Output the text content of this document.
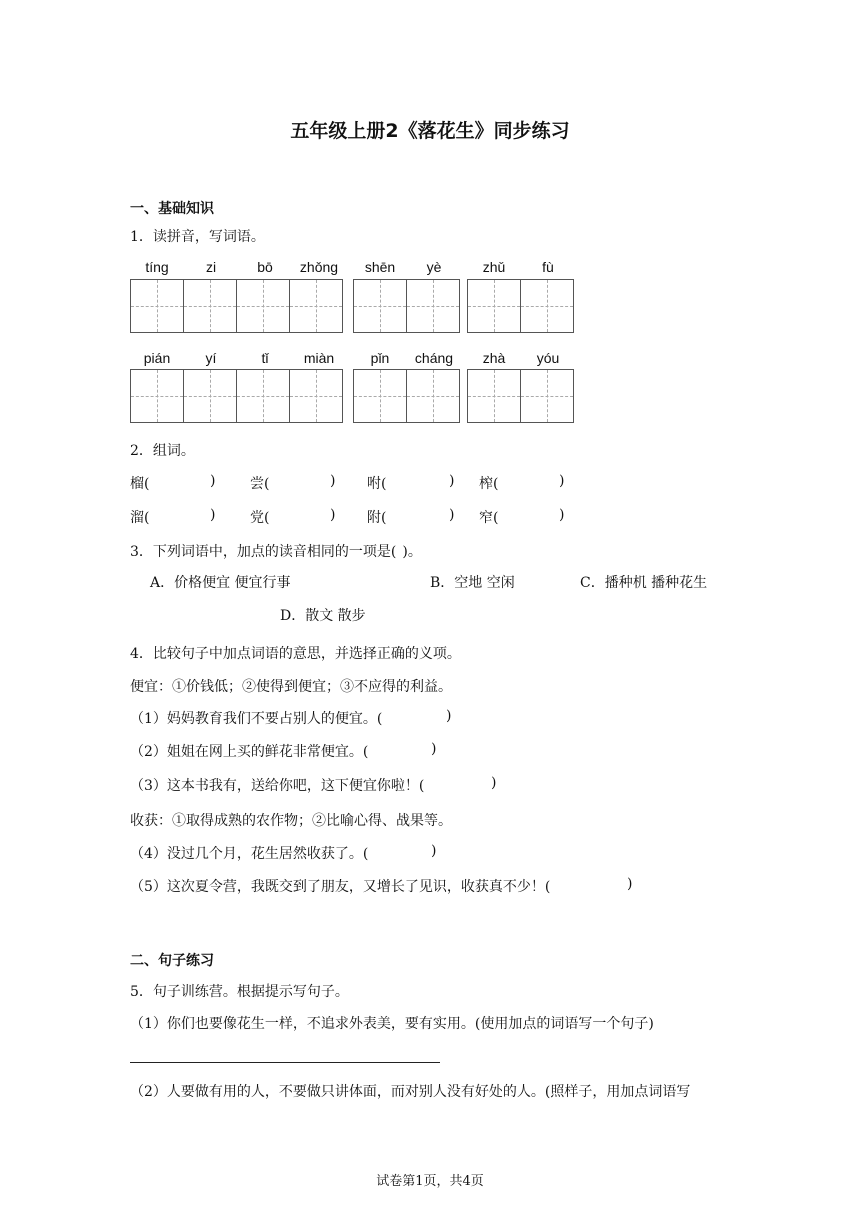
五年级上册2《落花生》同步练习
一、基础知识
1．读拼音，写词语。
tíng	zi	bō	zhǒng	shēn	yè	zhǔ	fù
pián	yí	tǐ	miàn	pǐn	cháng	zhà	yóu
2．组词。
榴(	) 尝(	) 咐(	) 榨(	)
溜(	) 党(	) 附(	) 窄(	)
3．下列词语中，加点的读音相同的一项是( )。
A．价格便宜 便宜行事	B．空地 空闲	C．播种机 播种花生
D．散文 散步
4．比较句子中加点词语的意思，并选择正确的义项。
便宜：①价钱低；②使得到便宜；③不应得的利益。
（1）妈妈教育我们不要占别人的便宜。(	)
（2）姐姐在网上买的鲜花非常便宜。(	)
（3）这本书我有，送给你吧，这下便宜你啦！(	)
收获：①取得成熟的农作物；②比喻心得、战果等。
（4）没过几个月，花生居然收获了。(	)
（5）这次夏令营，我既交到了朋友，又增长了见识，收获真不少！(	)
二、句子练习
5．句子训练营。根据提示写句子。
（1）你们也要像花生一样，不追求外表美，要有实用。(使用加点的词语写一个句子)
（2）人要做有用的人，不要做只讲体面，而对别人没有好处的人。(照样子，用加点词语写
试卷第1页，共4页
